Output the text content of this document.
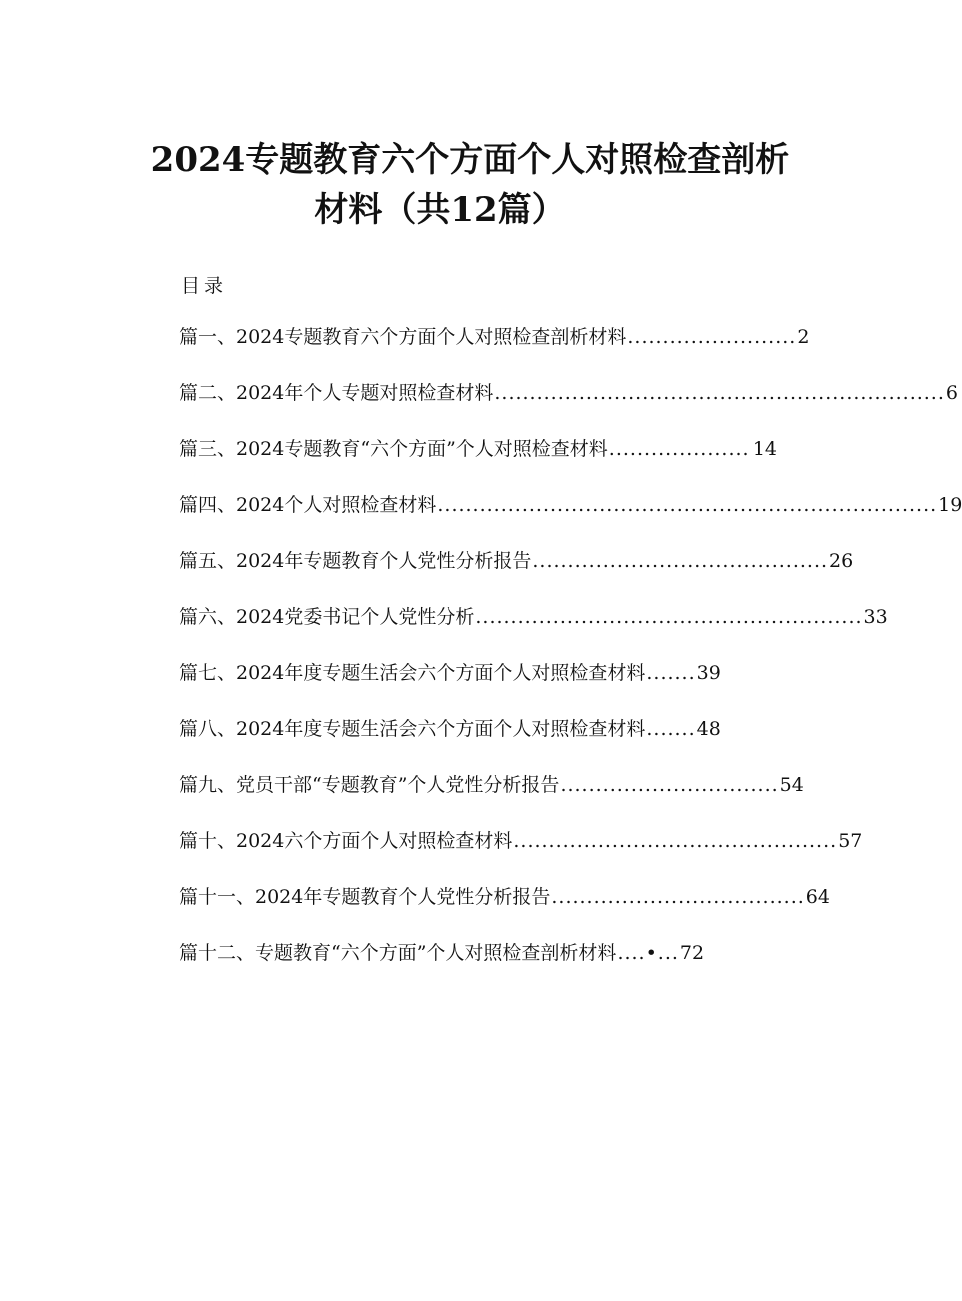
2024专题教育六个方面个人对照检查剖析
材料（共12篇）
目录
篇一、2024专题教育六个方面个人对照检查剖析材料 ........................ 2
篇二、2024年个人专题对照检查材料 ................................................................ 6
篇三、2024专题教育“六个方面”个人对照检查材料 .................... 14
篇四、2024个人对照检查材料 ....................................................................... 19
篇五、2024年专题教育个人党性分析报告 .......................................... 26
篇六、2024党委书记个人党性分析 ....................................................... 33
篇七、2024年度专题生活会六个方面个人对照检查材料 ....... 39
篇八、2024年度专题生活会六个方面个人对照检查材料 ....... 48
篇九、党员干部“专题教育”个人党性分析报告 ............................... 54
篇十、2024六个方面个人对照检查材料 .............................................. 57
篇十一、2024年专题教育个人党性分析报告 .................................... 64
篇十二、专题教育“六个方面”个人对照检查剖析材料 ....•... 72
